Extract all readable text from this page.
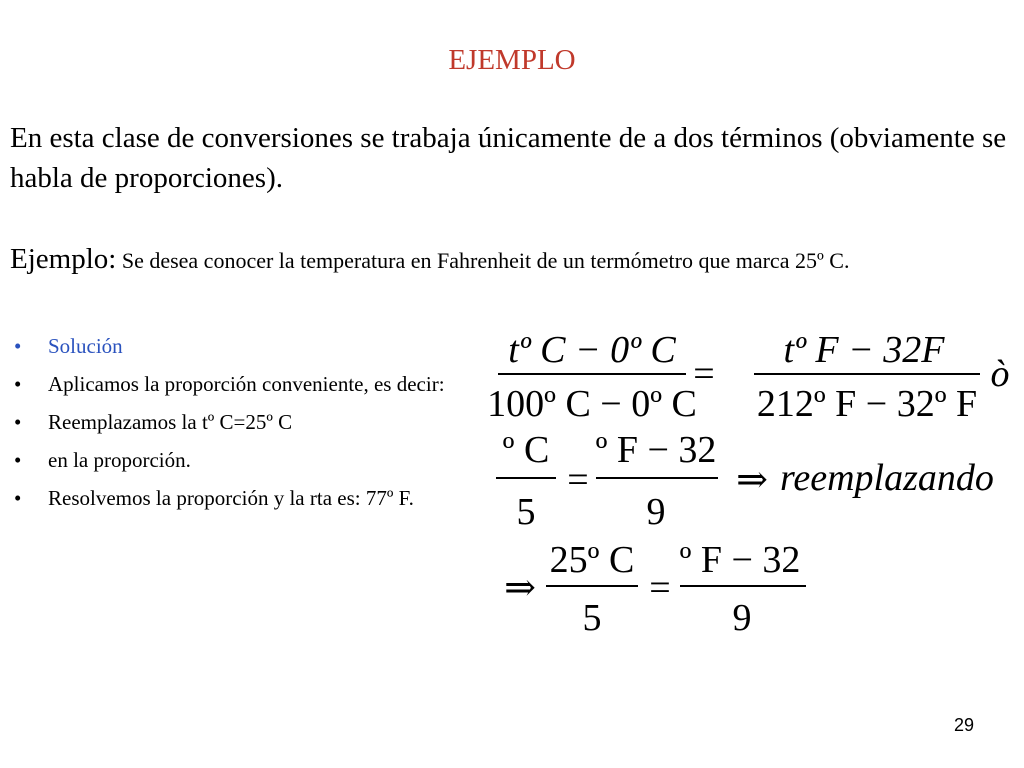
EJEMPLO
En esta clase de conversiones se trabaja únicamente de a dos términos (obviamente se habla de proporciones).
Ejemplo: Se desea conocer la temperatura en Fahrenheit de un termómetro que marca 25º C.
• Solución
• Aplicamos la proporción conveniente, es decir:
• Reemplazamos la tº C=25º C
• en la proporción.
• Resolvemos la proporción y la rta es: 77º F.
tº C − 0º C
100º C − 0º C
=
tº F − 32F
212º F − 32º F
ò
º C
5
=
º F − 32
9
⇒ reemplazando
⇒
25º C
5
=
º F − 32
9
29
